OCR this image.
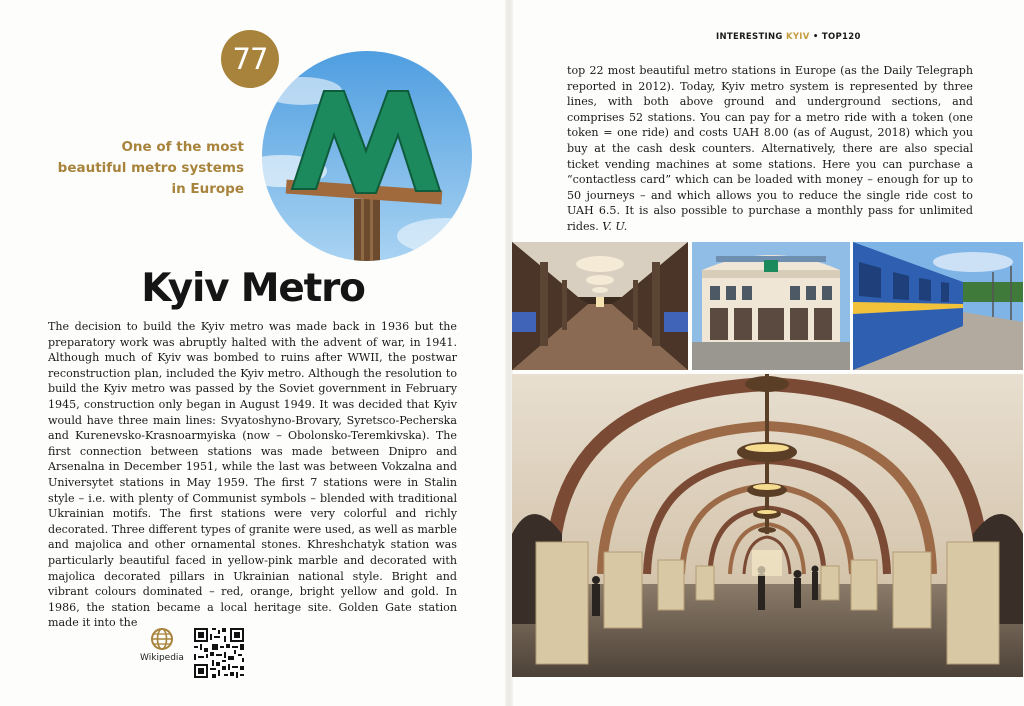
77
One of the most beautiful metro systems in Europe
Kyiv Metro

The decision to build the Kyiv metro was made back in 1936 but the preparatory work was abruptly halted with the advent of war, in 1941. Although much of Kyiv was bombed to ruins after WWII, the postwar reconstruction plan, included the Kyiv metro. Although the resolution to build the Kyiv metro was passed by the Soviet government in February 1945, construction only began in August 1949. It was decided that Kyiv would have three main lines: Svyatoshyno-Brovary, Syretsco-Pecherska and Kurenevsko-Krasnoarmyiska (now – Obolonsko-Teremkivska). The first connection between stations was made between Dnipro and Arsenalna in December 1951, while the last was between Vokzalna and Universytet stations in May 1959. The first 7 stations were in Stalin style – i.e. with plenty of Communist symbols – blended with traditional Ukrainian motifs. The first stations were very colorful and richly decorated. Three different types of granite were used, as well as marble and majolica and other ornamental stones. Khreshchatyk station was particularly beautiful faced in yellow-pink marble and decorated with majolica decorated pillars in Ukrainian national style. Bright and vibrant colours dominated – red, orange, bright yellow and gold. In 1986, the station became a local heritage site. Golden Gate station made it into the

Wikipedia
INTERESTING KYIV • TOP120

top 22 most beautiful metro stations in Europe (as the Daily Telegraph reported in 2012). Today, Kyiv metro system is represented by three lines, with both above ground and underground sections, and comprises 52 stations. You can pay for a metro ride with a token (one token = one ride) and costs UAH 8.00 (as of August, 2018) which you buy at the cash desk counters. Alternatively, there are also special ticket vending machines at some stations. Here you can purchase a “contactless card” which can be loaded with money – enough for up to 50 journeys – and which allows you to reduce the single ride cost to UAH 6.5. It is also possible to purchase a monthly pass for unlimited rides. V. U.
